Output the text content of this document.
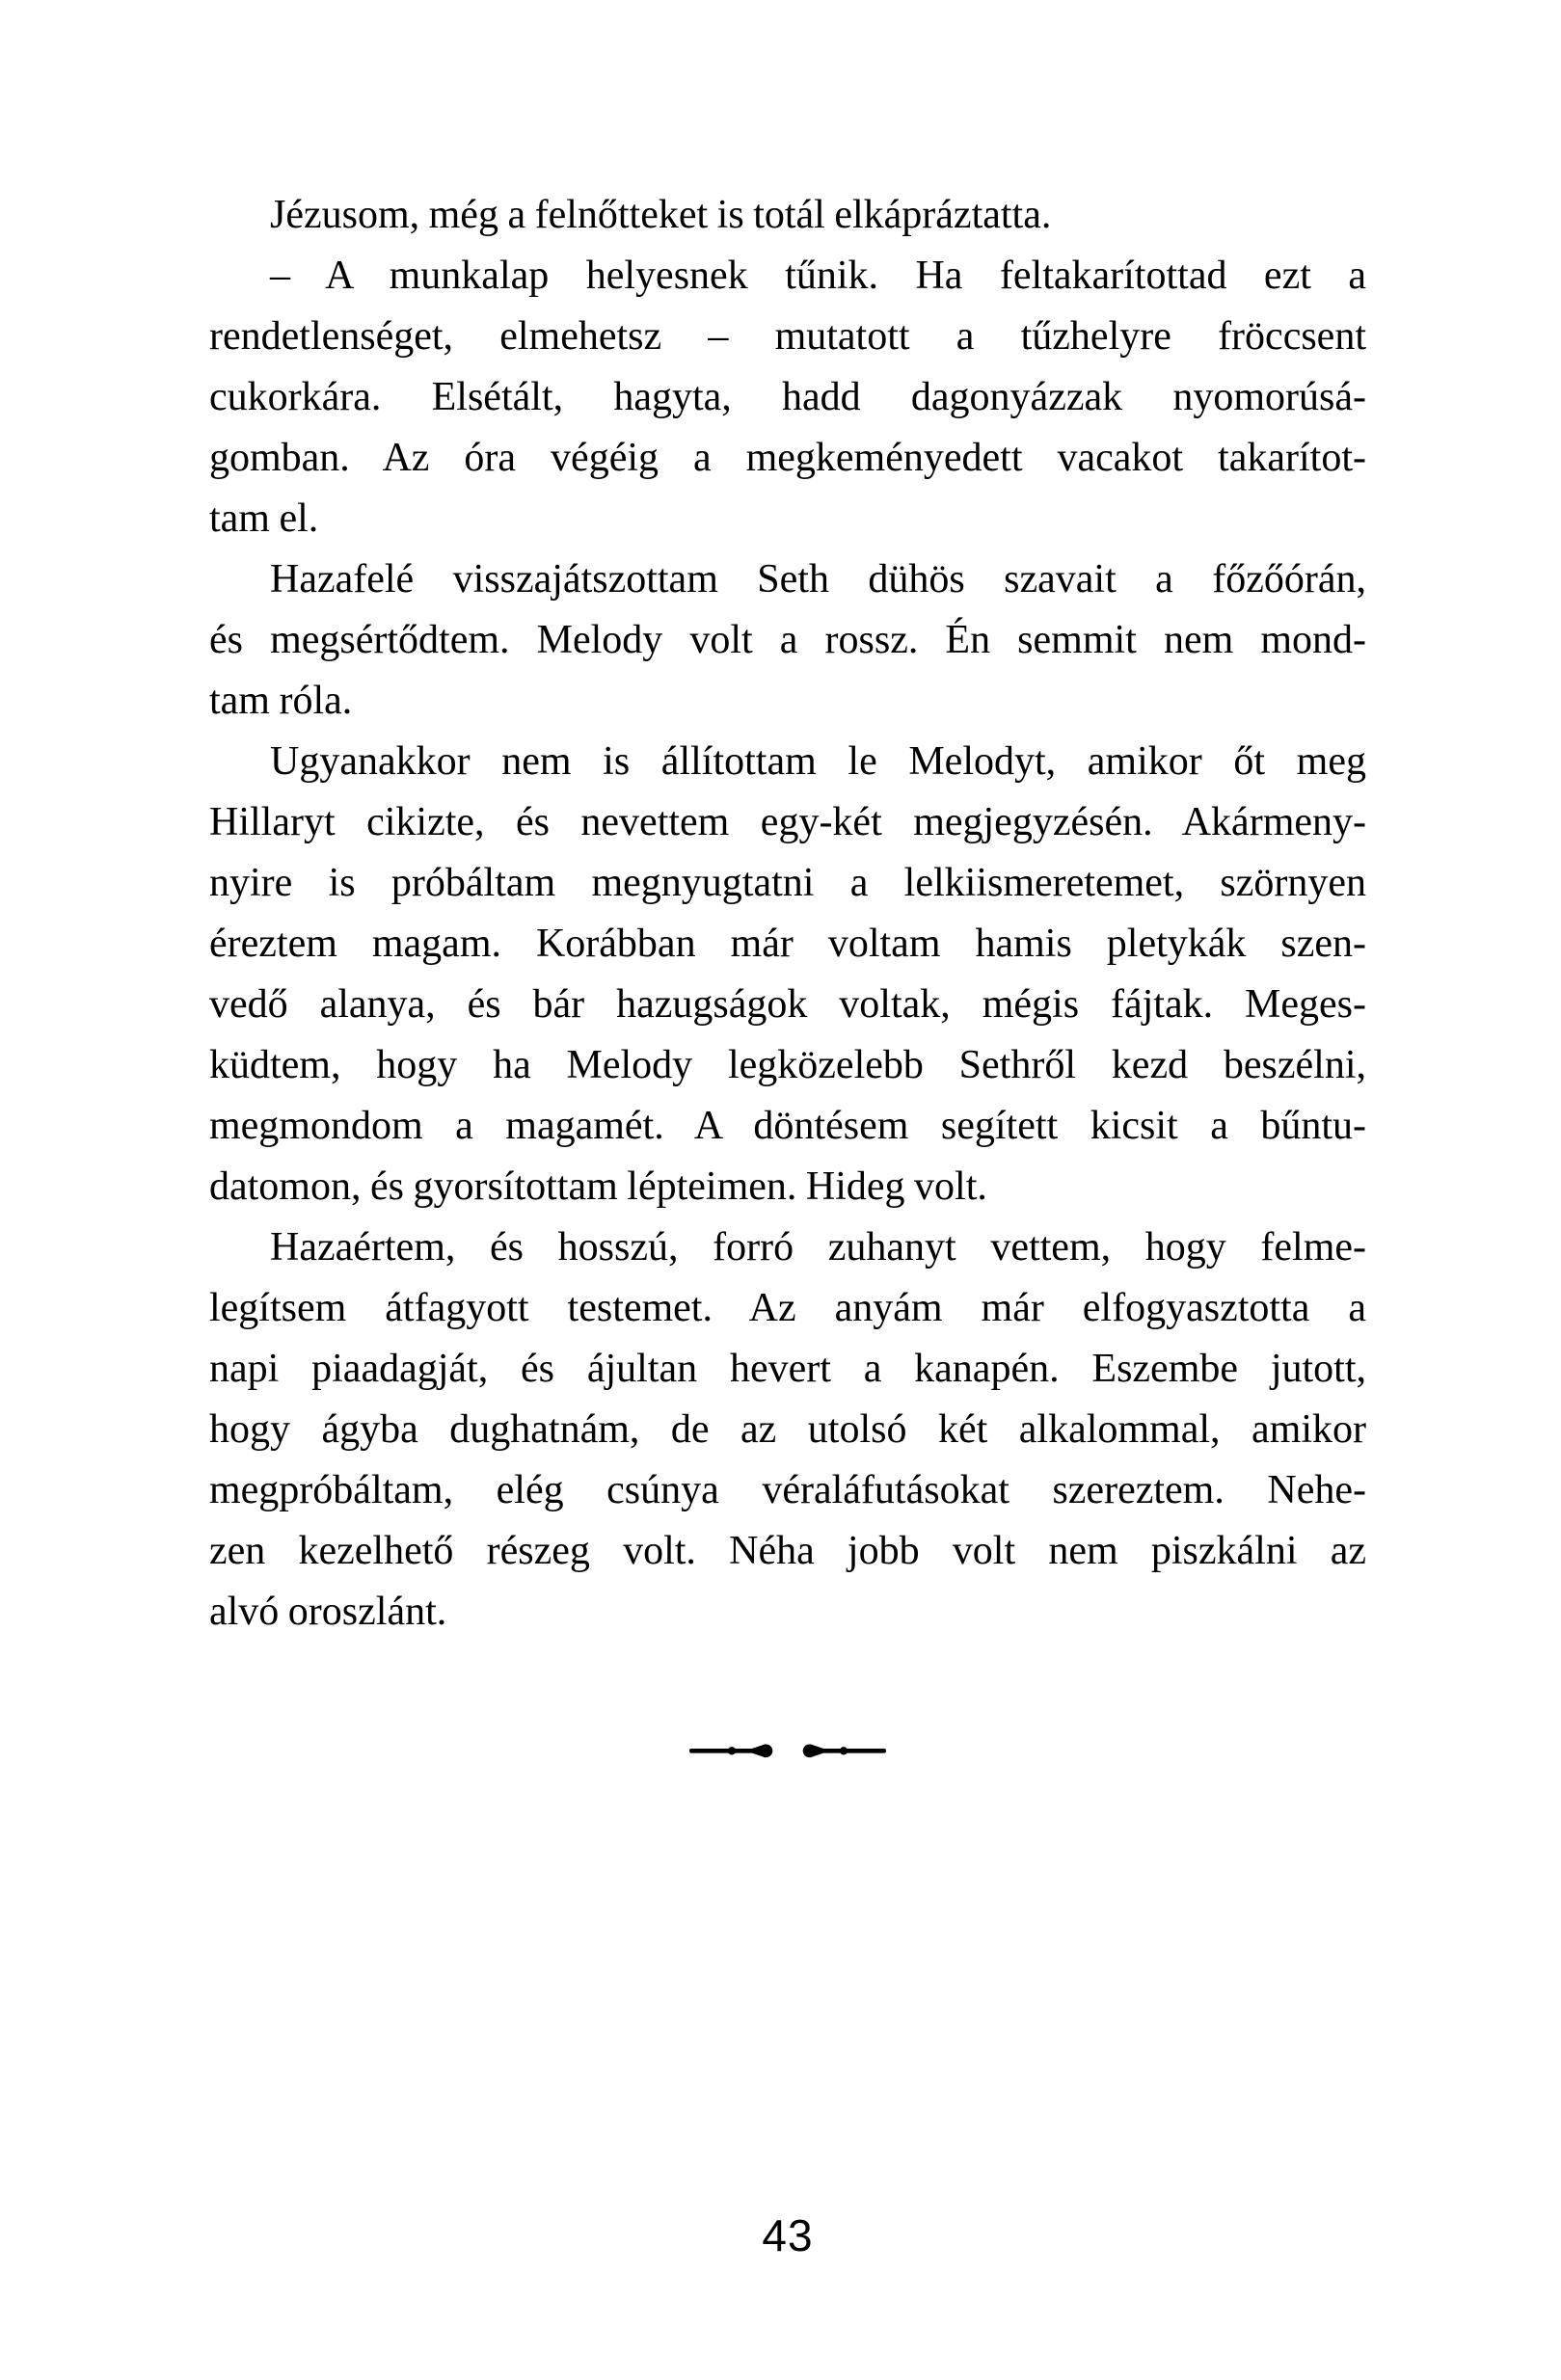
Jézusom, még a felnőtteket is totál elkápráztatta.
– A munkalap helyesnek tűnik. Ha feltakarítottad ezt a
rendetlenséget, elmehetsz – mutatott a tűzhelyre fröccsent
cukorkára. Elsétált, hagyta, hadd dagonyázzak nyomorúsá-
gomban. Az óra végéig a megkeményedett vacakot takarítot-
tam el.
Hazafelé visszajátszottam Seth dühös szavait a főzőórán,
és megsértődtem. Melody volt a rossz. Én semmit nem mond-
tam róla.
Ugyanakkor nem is állítottam le Melodyt, amikor őt meg
Hillaryt cikizte, és nevettem egy-két megjegyzésén. Akármeny-
nyire is próbáltam megnyugtatni a lelkiismeretemet, szörnyen
éreztem magam. Korábban már voltam hamis pletykák szen-
vedő alanya, és bár hazugságok voltak, mégis fájtak. Meges-
küdtem, hogy ha Melody legközelebb Sethről kezd beszélni,
megmondom a magamét. A döntésem segített kicsit a bűntu-
datomon, és gyorsítottam lépteimen. Hideg volt.
Hazaértem, és hosszú, forró zuhanyt vettem, hogy felme-
legítsem átfagyott testemet. Az anyám már elfogyasztotta a
napi piaadagját, és ájultan hevert a kanapén. Eszembe jutott,
hogy ágyba dughatnám, de az utolsó két alkalommal, amikor
megpróbáltam, elég csúnya véraláfutásokat szereztem. Nehe-
zen kezelhető részeg volt. Néha jobb volt nem piszkálni az
alvó oroszlánt.
43
